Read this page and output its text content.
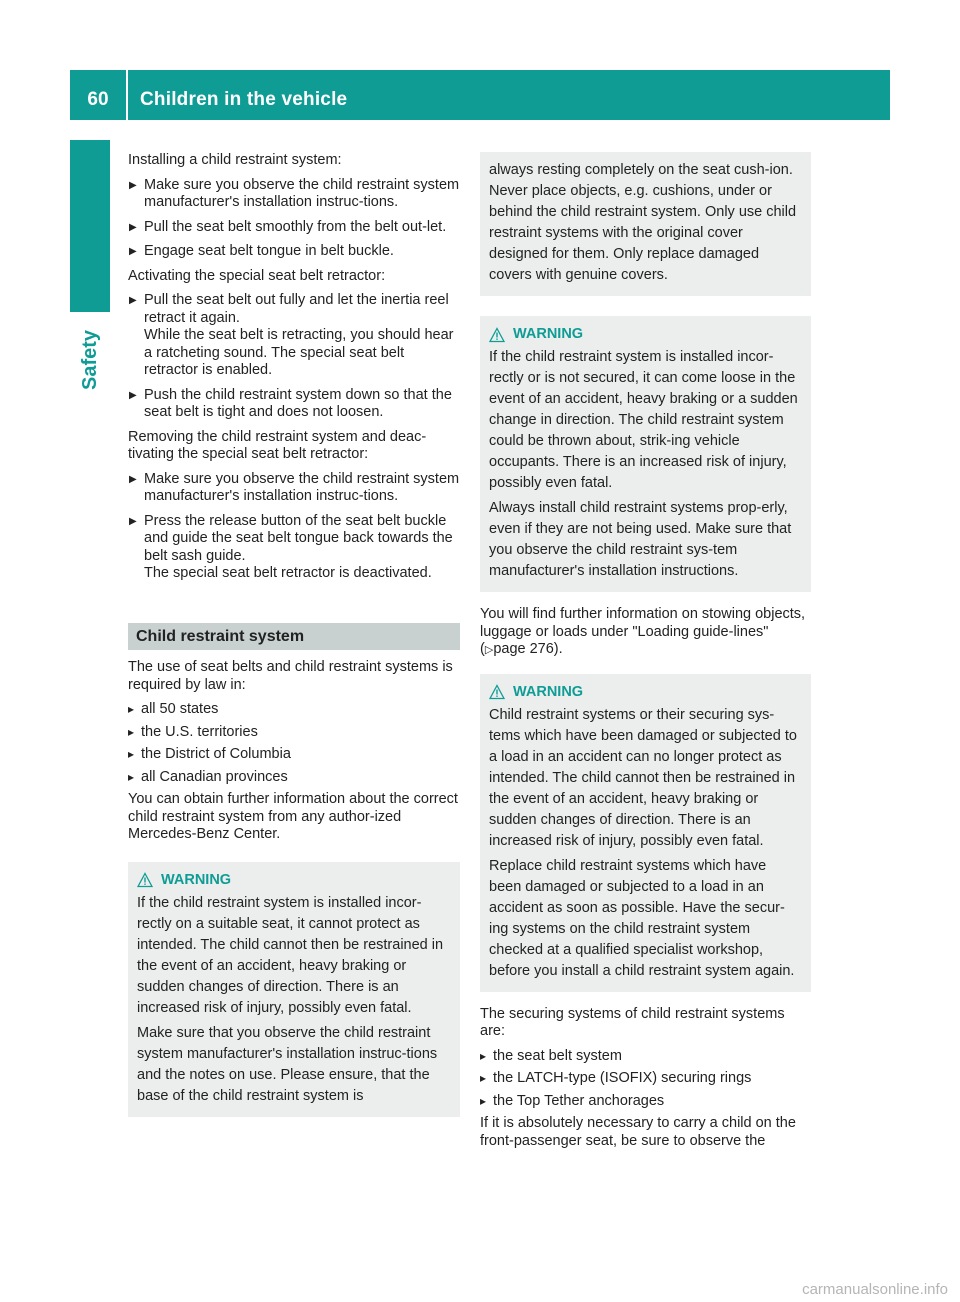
60	Children in the vehicle
Safety

Installing a child restraint system:

▶ Make sure you observe the child restraint system manufacturer's installation instruc-tions.
▶ Pull the seat belt smoothly from the belt out-let.
▶ Engage seat belt tongue in belt buckle.

Activating the special seat belt retractor:

▶ Pull the seat belt out fully and let the inertia reel retract it again.
While the seat belt is retracting, you should hear a ratcheting sound. The special seat belt retractor is enabled.
▶ Push the child restraint system down so that the seat belt is tight and does not loosen.

Removing the child restraint system and deac-tivating the special seat belt retractor:

▶ Make sure you observe the child restraint system manufacturer's installation instruc-tions.
▶ Press the release button of the seat belt buckle and guide the seat belt tongue back towards the belt sash guide.
The special seat belt retractor is deactivated.
Child restraint system

The use of seat belts and child restraint systems is required by law in:

▸ all 50 states
▸ the U.S. territories
▸ the District of Columbia
▸ all Canadian provinces

You can obtain further information about the correct child restraint system from any author-ized Mercedes-Benz Center.

WARNING

If the child restraint system is installed incor-rectly on a suitable seat, it cannot protect as intended. The child cannot then be restrained in the event of an accident, heavy braking or sudden changes of direction. There is an increased risk of injury, possibly even fatal.

Make sure that you observe the child restraint system manufacturer's installation instruc-tions and the notes on use. Please ensure, that the base of the child restraint system is

always resting completely on the seat cush-ion. Never place objects, e.g. cushions, under or behind the child restraint system. Only use child restraint systems with the original cover designed for them. Only replace damaged covers with genuine covers.

WARNING

If the child restraint system is installed incor-rectly or is not secured, it can come loose in the event of an accident, heavy braking or a sudden change in direction. The child restraint system could be thrown about, strik-ing vehicle occupants. There is an increased risk of injury, possibly even fatal.

Always install child restraint systems prop-erly, even if they are not being used. Make sure that you observe the child restraint sys-tem manufacturer's installation instructions.

You will find further information on stowing objects, luggage or loads under "Loading guide-lines" (▷page 276).

WARNING

Child restraint systems or their securing sys-tems which have been damaged or subjected to a load in an accident can no longer protect as intended. The child cannot then be restrained in the event of an accident, heavy braking or sudden changes of direction. There is an increased risk of injury, possibly even fatal.

Replace child restraint systems which have been damaged or subjected to a load in an accident as soon as possible. Have the secur-ing systems on the child restraint system checked at a qualified specialist workshop, before you install a child restraint system again.

The securing systems of child restraint systems are:

▸ the seat belt system
▸ the LATCH-type (ISOFIX) securing rings
▸ the Top Tether anchorages

If it is absolutely necessary to carry a child on the front-passenger seat, be sure to observe the

carmanualsonline.info
